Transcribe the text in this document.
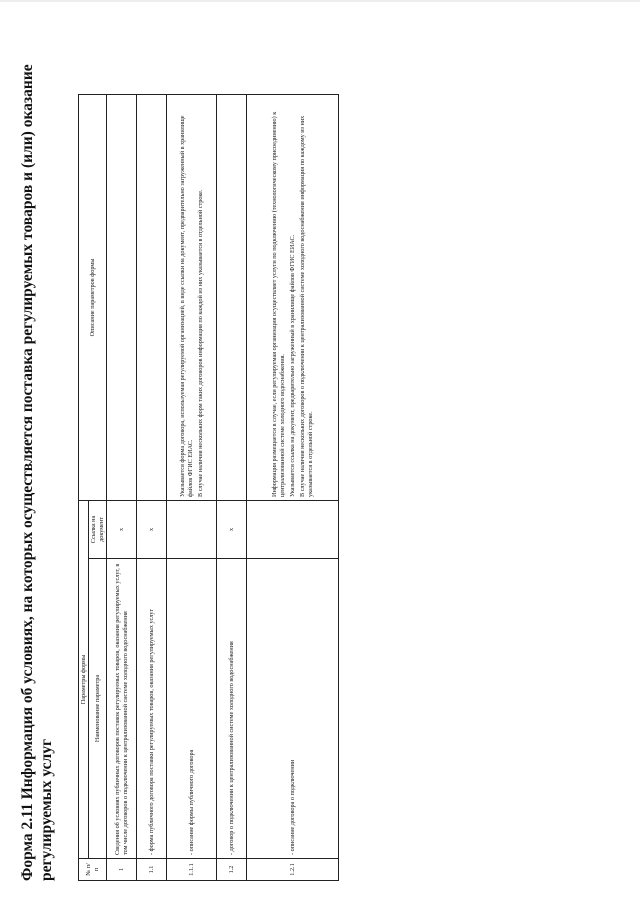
Форма 2.11 Информация об условиях, на которых осуществляется поставка регулируемых товаров и (или) оказание регулируемых услуг	№ п/п	Параметры формы		Описание параметров формы
	Наименование параметра	Ссылка на документ	
1	Сведения об условиях публичных договоров поставок регулируемых товаров, оказания регулируемых услуг, в том числе договоров о подключении к централизованной системе холодного водоснабжения	x	
1.1	- форма публичного договора поставки регулируемых товаров, оказания регулируемых услуг	x	
1.1.1	- описание формы публичного договора		Указывается форма договора, используемая регулируемой организацией, в виде ссылки на документ, предварительно загруженный в хранилище файлов ФГИС ЕИАС. В случае наличия нескольких форм таких договоров информация по каждой из них указывается в отдельной строке.

1.2	- договор о подключении к централизованной системе холодного водоснабжения	x	
1.2.1	- описание договора о подключении		Информация размещается в случае, если регулируемая организация осуществляет услуги по подключению (технологическому присоединению) к централизованной системе холодного водоснабжения. Указывается ссылка на документ, предварительно загруженный в хранилище файлов ФГИС ЕИАС. В случае наличия нескольких договоров о подключении к централизованной системе холодного водоснабжения информация по каждому из них указывается в отдельной строке.
